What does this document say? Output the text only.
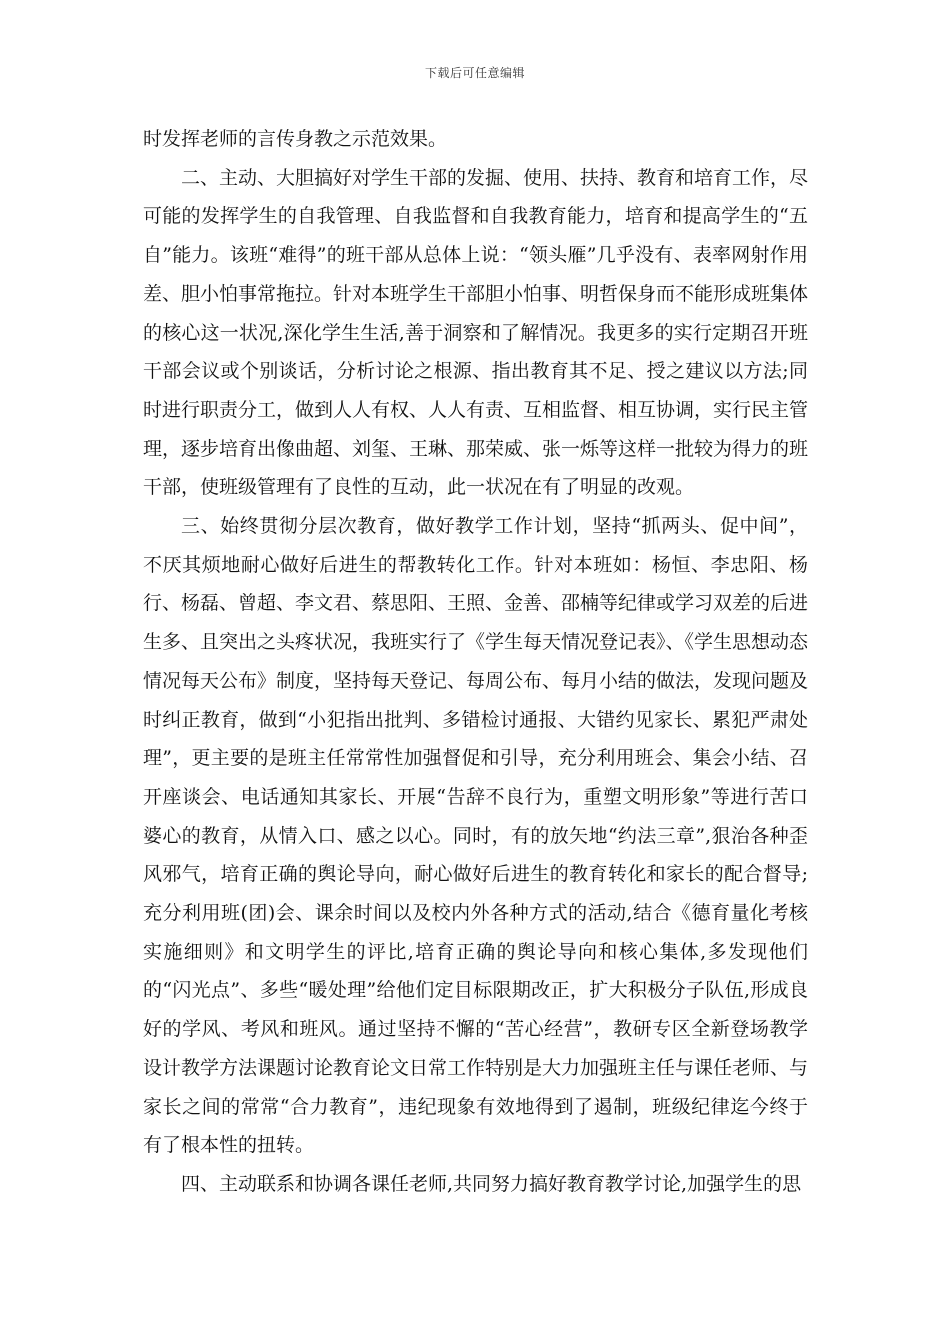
下载后可任意编辑

时发挥老师的言传身教之示范效果。

二、主动、大胆搞好对学生干部的发掘、使用、扶持、教育和培育工作，尽可能的发挥学生的自我管理、自我监督和自我教育能力，培育和提高学生的“五自”能力。该班“难得”的班干部从总体上说：“领头雁”几乎没有、表率网射作用差、胆小怕事常拖拉。针对本班学生干部胆小怕事、明哲保身而不能形成班集体的核心这一状况,深化学生生活,善于洞察和了解情况。我更多的实行定期召开班干部会议或个别谈话，分析讨论之根源、指出教育其不足、授之建议以方法;同时进行职责分工，做到人人有权、人人有责、互相监督、相互协调，实行民主管理，逐步培育出像曲超、刘玺、王琳、那荣威、张一烁等这样一批较为得力的班干部，使班级管理有了良性的互动，此一状况在有了明显的改观。

三、始终贯彻分层次教育，做好教学工作计划，坚持“抓两头、促中间”，不厌其烦地耐心做好后进生的帮教转化工作。针对本班如：杨恒、李忠阳、杨行、杨磊、曾超、李文君、蔡思阳、王照、金善、邵楠等纪律或学习双差的后进生多、且突出之头疼状况，我班实行了《学生每天情况登记表》、《学生思想动态情况每天公布》制度，坚持每天登记、每周公布、每月小结的做法，发现问题及时纠正教育，做到“小犯指出批判、多错检讨通报、大错约见家长、累犯严肃处理”，更主要的是班主任常常性加强督促和引导，充分利用班会、集会小结、召开座谈会、电话通知其家长、开展“告辞不良行为，重塑文明形象”等进行苦口婆心的教育，从情入口、感之以心。同时，有的放矢地“约法三章”,狠治各种歪风邪气，培育正确的舆论导向，耐心做好后进生的教育转化和家长的配合督导;充分利用班(团)会、课余时间以及校内外各种方式的活动,结合《德育量化考核实施细则》和文明学生的评比,培育正确的舆论导向和核心集体,多发现他们的“闪光点”、多些“暖处理”给他们定目标限期改正，扩大积极分子队伍,形成良好的学风、考风和班风。通过坚持不懈的“苦心经营”，教研专区全新登场教学设计教学方法课题讨论教育论文日常工作特别是大力加强班主任与课任老师、与家长之间的常常“合力教育”，违纪现象有效地得到了遏制，班级纪律迄今终于有了根本性的扭转。

四、主动联系和协调各课任老师,共同努力搞好教育教学讨论,加强学生的思
